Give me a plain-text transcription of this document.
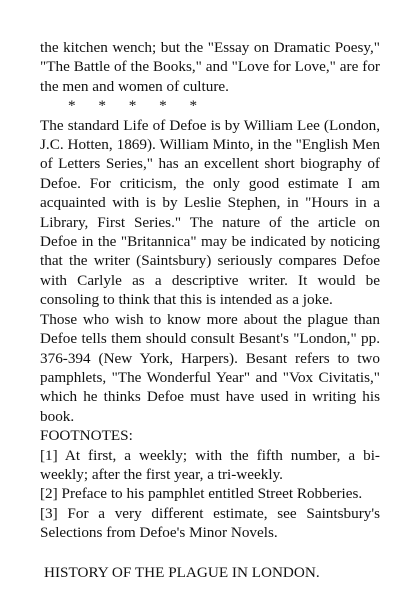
the kitchen wench; but the "Essay on Dramatic Poesy," "The Battle of the Books," and "Love for Love," are for the men and women of culture.

*      *      *      *      *

The standard Life of Defoe is by William Lee (London, J.C. Hotten, 1869). William Minto, in the "English Men of Letters Series," has an excellent short biography of Defoe. For criticism, the only good estimate I am acquainted with is by Leslie Stephen, in "Hours in a Library, First Series." The nature of the article on Defoe in the "Britannica" may be indicated by noticing that the writer (Saintsbury) seriously compares Defoe with Carlyle as a descriptive writer. It would be consoling to think that this is intended as a joke.

Those who wish to know more about the plague than Defoe tells them should consult Besant's "London," pp. 376-394 (New York, Harpers). Besant refers to two pamphlets, "The Wonderful Year" and "Vox Civitatis," which he thinks Defoe must have used in writing his book.

FOOTNOTES:

[1] At first, a weekly; with the fifth number, a bi-weekly; after the first year, a tri-weekly.

[2] Preface to his pamphlet entitled Street Robberies.

[3] For a very different estimate, see Saintsbury's Selections from Defoe's Minor Novels.

HISTORY OF THE PLAGUE IN LONDON.
